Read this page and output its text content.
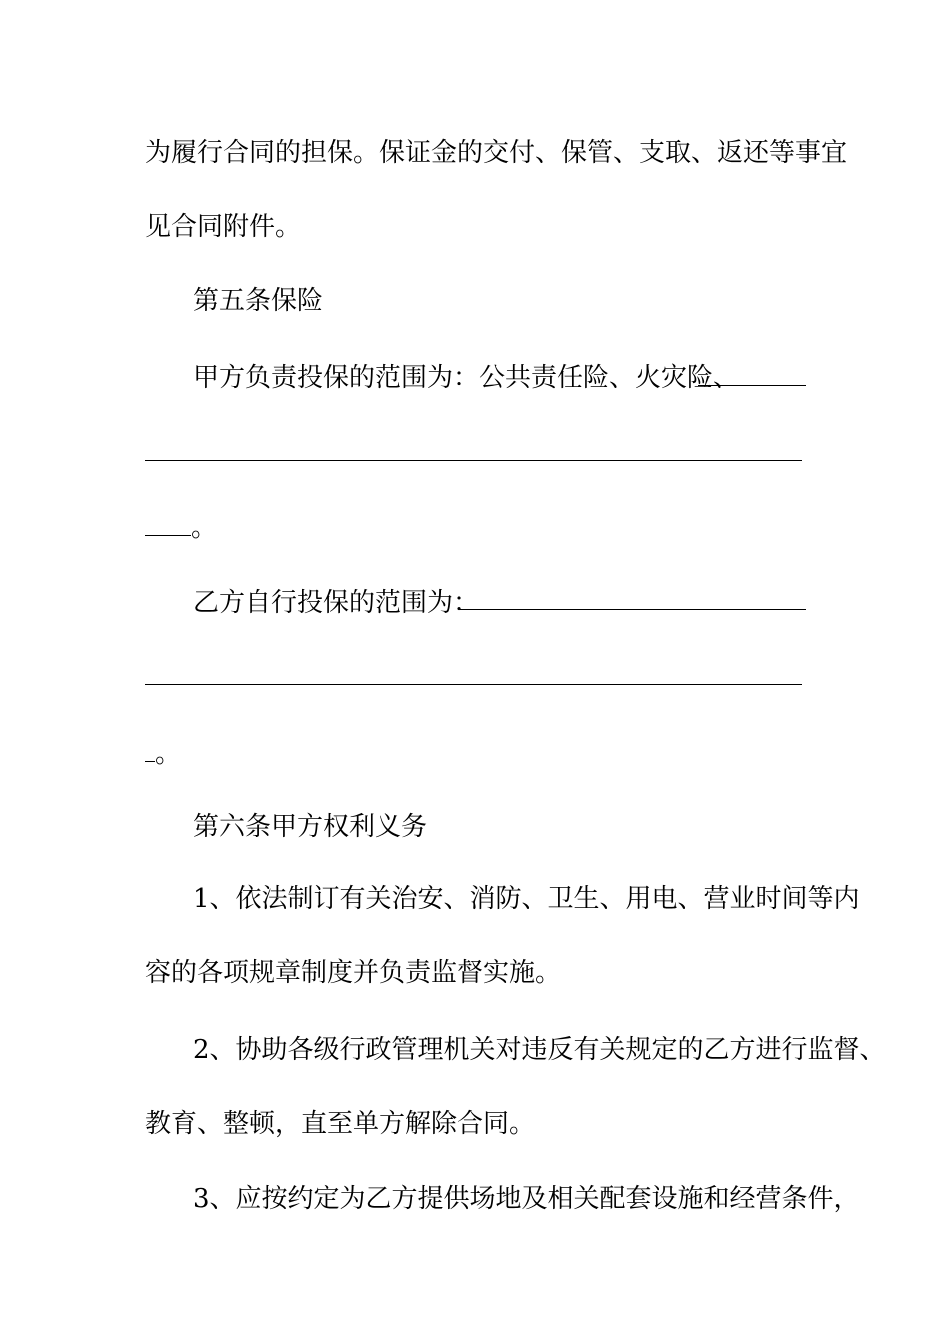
为履行合同的担保。保证金的交付、保管、支取、返还等事宜
见合同附件。
第五条保险
甲方负责投保的范围为：公共责任险、火灾险、
。
乙方自行投保的范围为：
。
第六条甲方权利义务
1、依法制订有关治安、消防、卫生、用电、营业时间等内
容的各项规章制度并负责监督实施。
2、协助各级行政管理机关对违反有关规定的乙方进行监督、
教育、整顿，直至单方解除合同。
3、应按约定为乙方提供场地及相关配套设施和经营条件，
